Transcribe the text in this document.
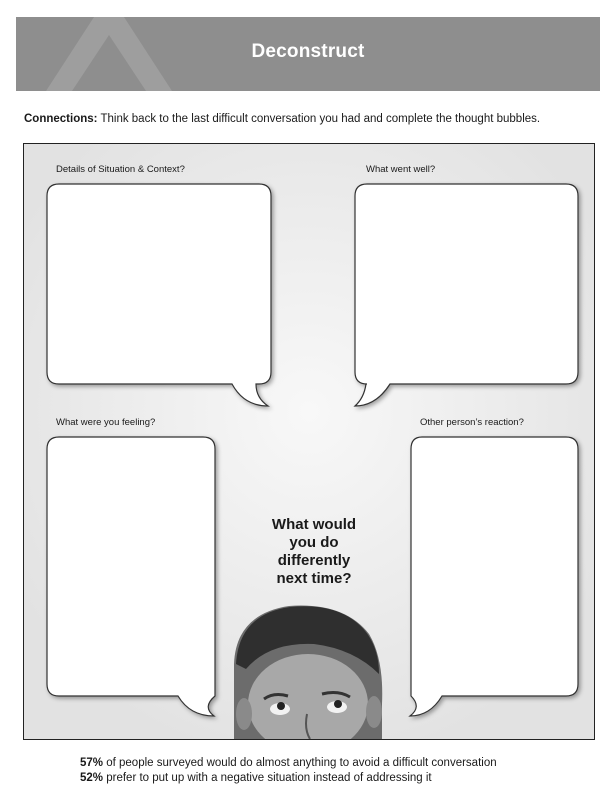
Deconstruct
Connections: Think back to the last difficult conversation you had and complete the thought bubbles.
Details of Situation & Context?	What went well?
What were you feeling?	Other person’s reaction?
What would
you do
differently
next time?
57% of people surveyed would do almost anything to avoid a difficult conversation
52% prefer to put up with a negative situation instead of addressing it
